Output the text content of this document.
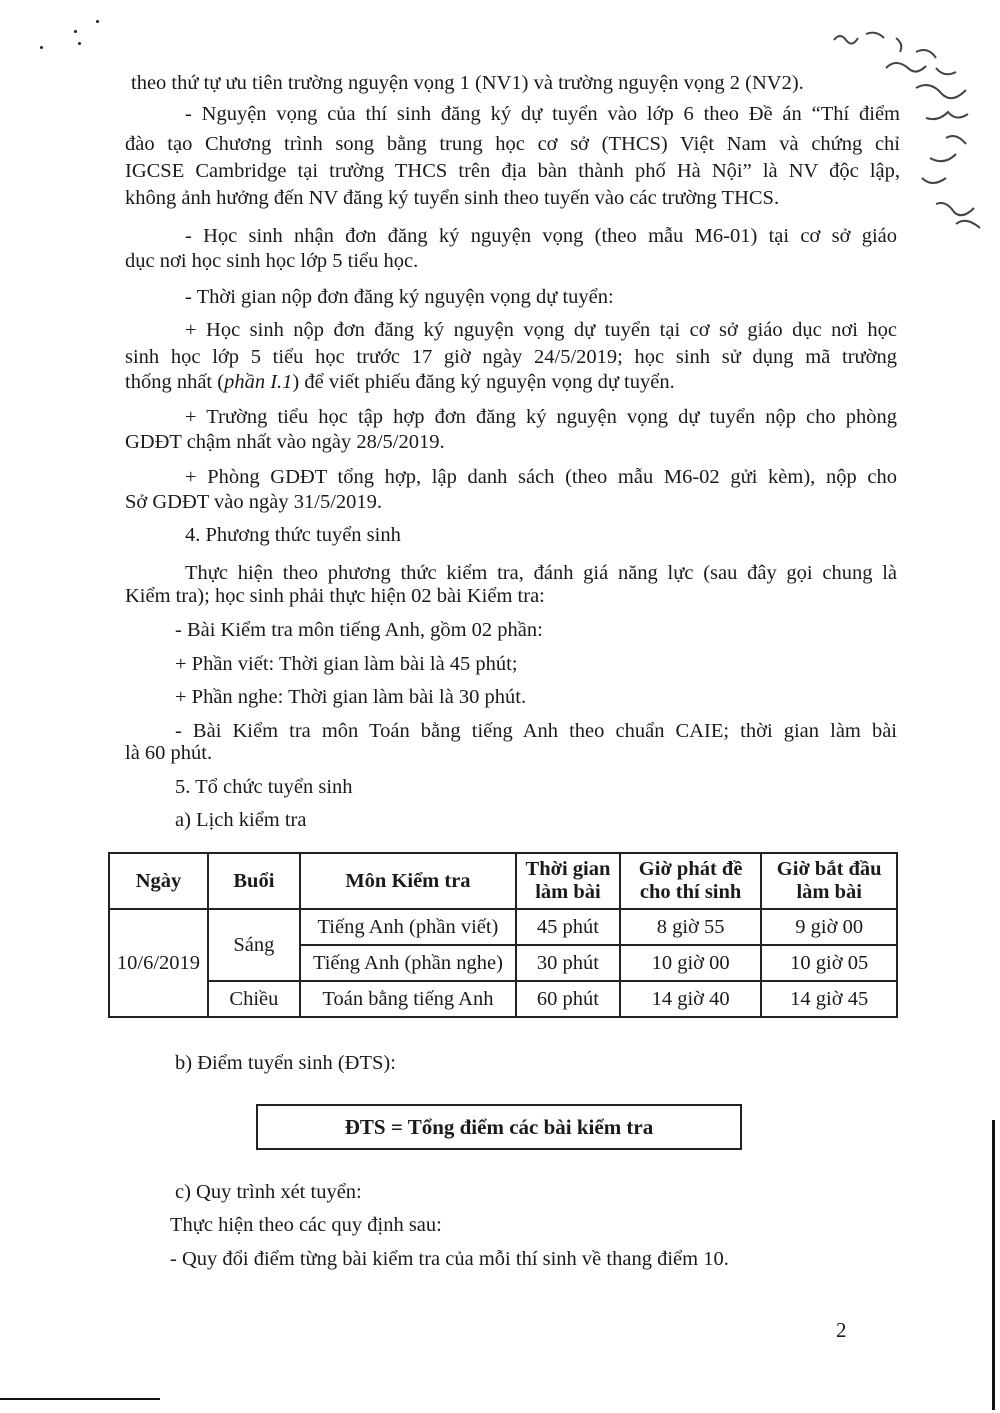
theo thứ tự ưu tiên trường nguyện vọng 1 (NV1) và trường nguyện vọng 2 (NV2).
- Nguyện vọng của thí sinh đăng ký dự tuyển vào lớp 6 theo Đề án “Thí điểm
đào tạo Chương trình song bằng trung học cơ sở (THCS) Việt Nam và chứng chỉ
IGCSE Cambridge tại trường THCS trên địa bàn thành phố Hà Nội” là NV độc lập,
không ảnh hưởng đến NV đăng ký tuyển sinh theo tuyến vào các trường THCS.
- Học sinh nhận đơn đăng ký nguyện vọng (theo mẫu M6-01) tại cơ sở giáo
dục nơi học sinh học lớp 5 tiểu học.
- Thời gian nộp đơn đăng ký nguyện vọng dự tuyển:
+ Học sinh nộp đơn đăng ký nguyện vọng dự tuyển tại cơ sở giáo dục nơi học
sinh học lớp 5 tiểu học trước 17 giờ ngày 24/5/2019; học sinh sử dụng mã trường
thống nhất (phần I.1) để viết phiếu đăng ký nguyện vọng dự tuyển.
+ Trường tiểu học tập hợp đơn đăng ký nguyện vọng dự tuyển nộp cho phòng
GDĐT chậm nhất vào ngày 28/5/2019.
+ Phòng GDĐT tổng hợp, lập danh sách (theo mẫu M6-02 gửi kèm), nộp cho
Sở GDĐT vào ngày 31/5/2019.
4. Phương thức tuyển sinh
Thực hiện theo phương thức kiểm tra, đánh giá năng lực (sau đây gọi chung là
Kiểm tra); học sinh phải thực hiện 02 bài Kiểm tra:
- Bài Kiểm tra môn tiếng Anh, gồm 02 phần:
+ Phần viết: Thời gian làm bài là 45 phút;
+ Phần nghe: Thời gian làm bài là 30 phút.
- Bài Kiểm tra môn Toán bằng tiếng Anh theo chuẩn CAIE; thời gian làm bài
là 60 phút.
5. Tổ chức tuyển sinh
a) Lịch kiểm tra
Ngày	Buổi	Môn Kiểm tra	Thời gian làm bài	Giờ phát đề cho thí sinh	Giờ bắt đầu làm bài
10/6/2019	Sáng	Tiếng Anh (phần viết)	45 phút	8 giờ 55	9 giờ 00
		Tiếng Anh (phần nghe)	30 phút	10 giờ 00	10 giờ 05
	Chiều	Toán bằng tiếng Anh	60 phút	14 giờ 40	14 giờ 45
b) Điểm tuyển sinh (ĐTS):
ĐTS = Tổng điểm các bài kiểm tra
c) Quy trình xét tuyển:
Thực hiện theo các quy định sau:
- Quy đổi điểm từng bài kiểm tra của mỗi thí sinh về thang điểm 10.
2
